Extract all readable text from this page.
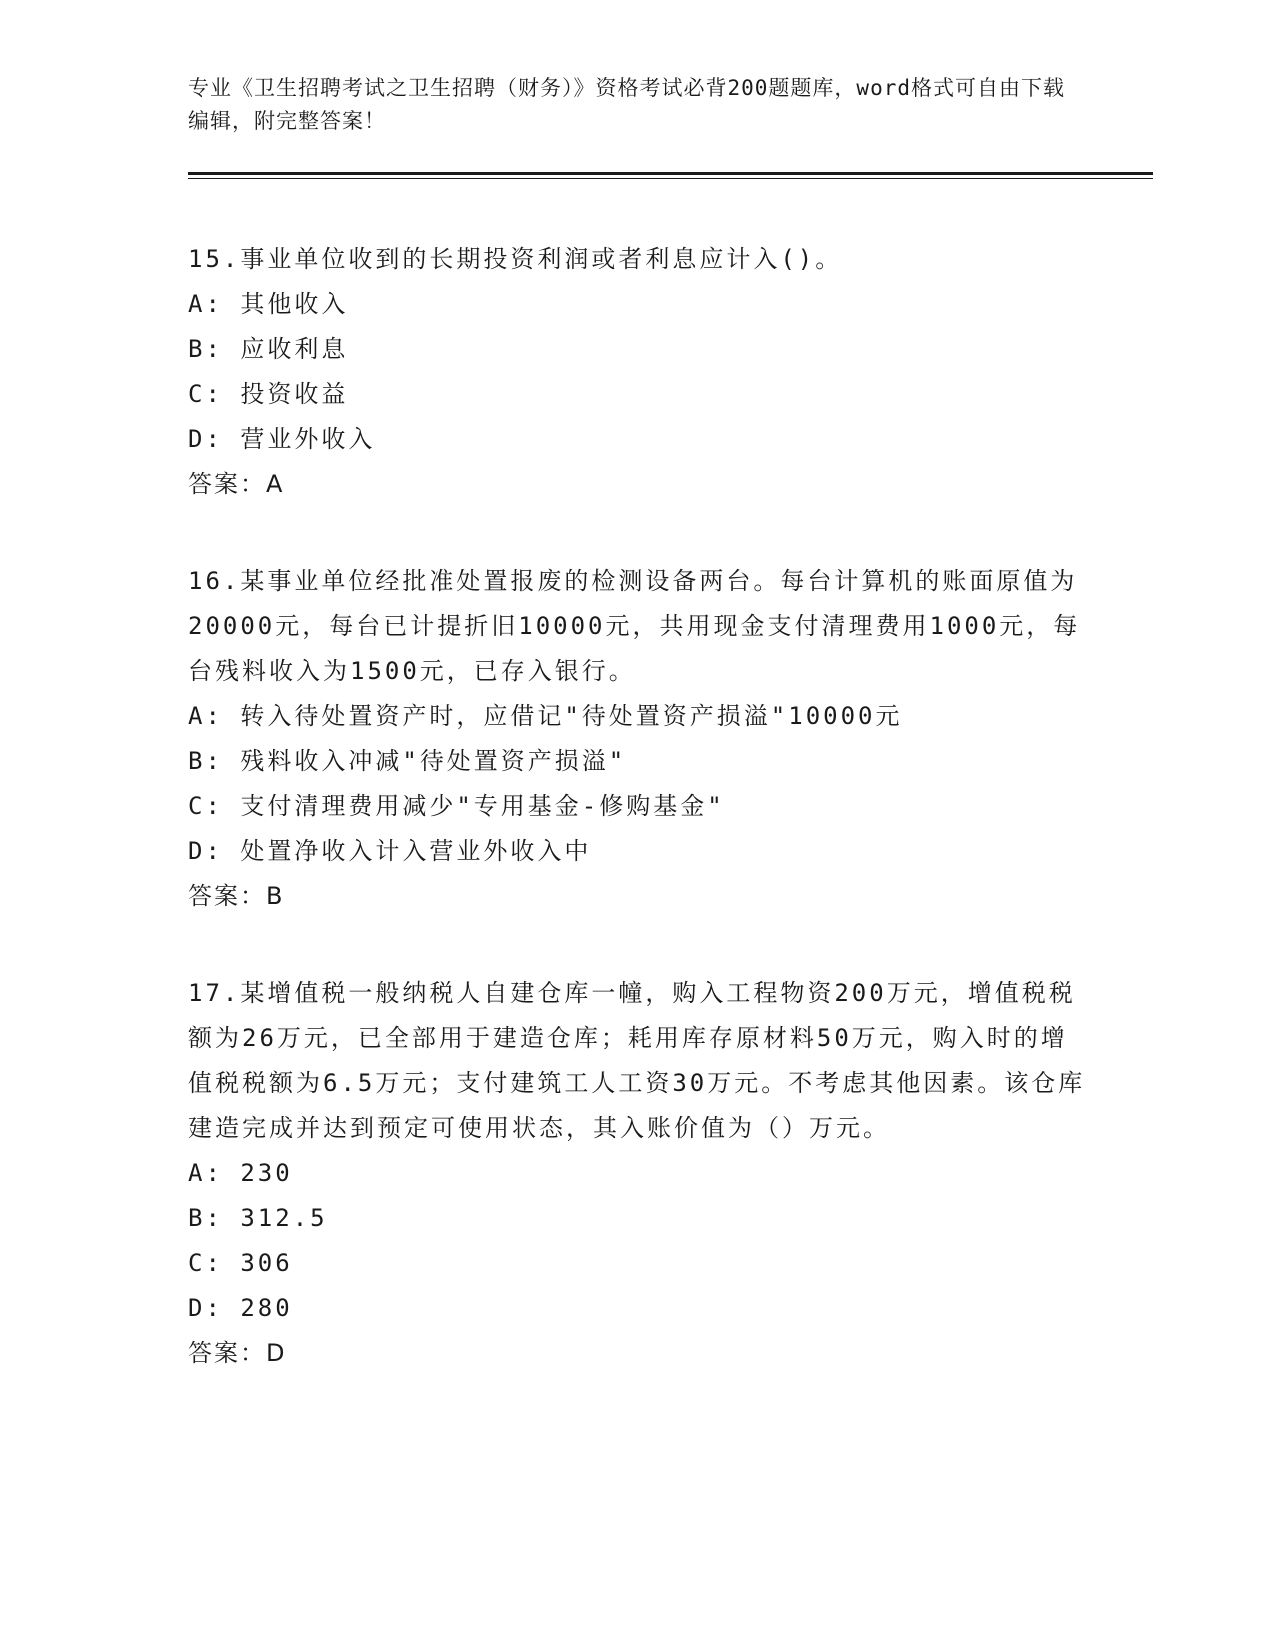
专业《卫生招聘考试之卫生招聘（财务）》资格考试必背200题题库，word格式可自由下载编辑，附完整答案！
15.事业单位收到的长期投资利润或者利息应计入()。
A: 其他收入
B: 应收利息
C: 投资收益
D: 营业外收入
答案：A
16.某事业单位经批准处置报废的检测设备两台。每台计算机的账面原值为20000元，每台已计提折旧10000元，共用现金支付清理费用1000元，每台残料收入为1500元，已存入银行。
A: 转入待处置资产时，应借记"待处置资产损溢"10000元
B: 残料收入冲减"待处置资产损溢"
C: 支付清理费用减少"专用基金-修购基金"
D: 处置净收入计入营业外收入中
答案：B
17.某增值税一般纳税人自建仓库一幢，购入工程物资200万元，增值税税额为26万元，已全部用于建造仓库；耗用库存原材料50万元，购入时的增值税税额为6.5万元；支付建筑工人工资30万元。不考虑其他因素。该仓库建造完成并达到预定可使用状态，其入账价值为（）万元。
A: 230
B: 312.5
C: 306
D: 280
答案：D
